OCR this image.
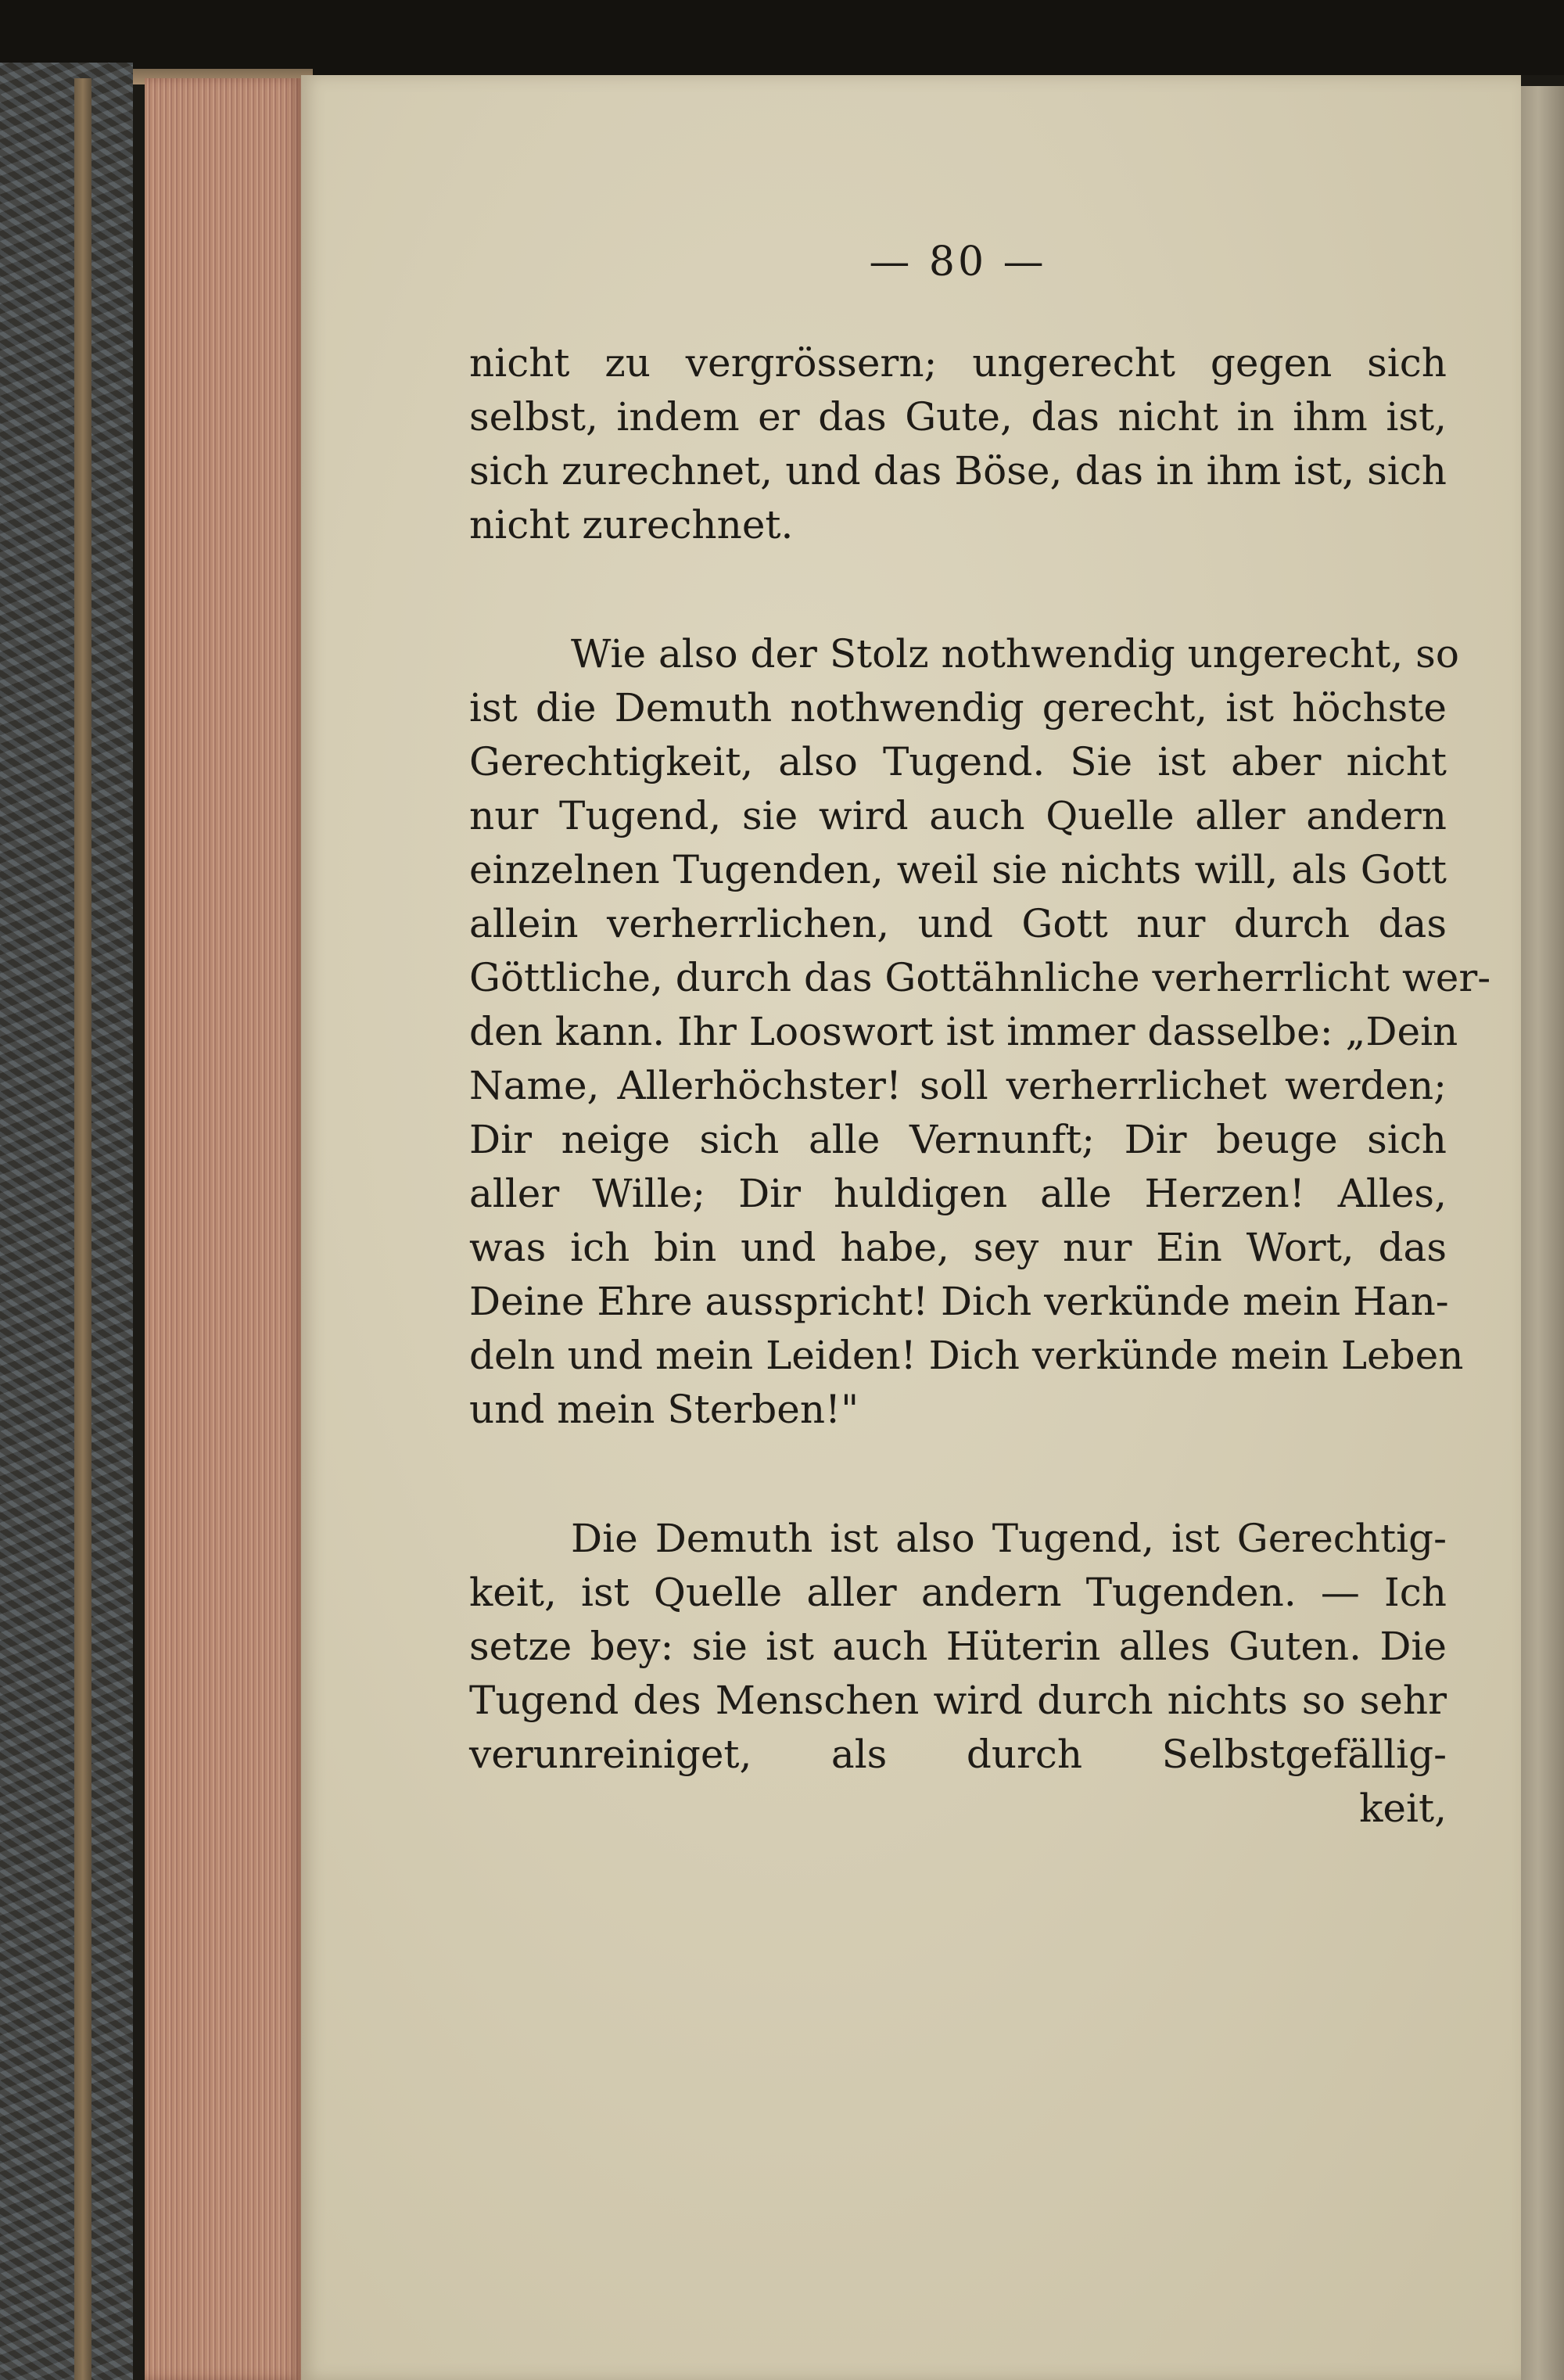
— 80 —
nicht zu vergrössern; ungerecht gegen sich
selbst, indem er das Gute, das nicht in ihm ist,
sich zurechnet, und das Böse, das in ihm ist, sich
nicht zurechnet.
Wie also der Stolz nothwendig ungerecht, so
ist die Demuth nothwendig gerecht, ist höchste
Gerechtigkeit, also Tugend. Sie ist aber nicht
nur Tugend, sie wird auch Quelle aller andern
einzelnen Tugenden, weil sie nichts will, als Gott
allein verherrlichen, und Gott nur durch das
Göttliche, durch das Gottähnliche verherrlicht wer-
den kann. Ihr Looswort ist immer dasselbe: „Dein
Name, Allerhöchster! soll verherrlichet werden;
Dir neige sich alle Vernunft; Dir beuge sich
aller Wille; Dir huldigen alle Herzen! Alles,
was ich bin und habe, sey nur Ein Wort, das
Deine Ehre ausspricht! Dich verkünde mein Han-
deln und mein Leiden! Dich verkünde mein Leben
und mein Sterben!"
Die Demuth ist also Tugend, ist Gerechtig-
keit, ist Quelle aller andern Tugenden. — Ich
setze bey: sie ist auch Hüterin alles Guten. Die
Tugend des Menschen wird durch nichts so sehr
verunreiniget, als durch Selbstgefällig-
keit,
